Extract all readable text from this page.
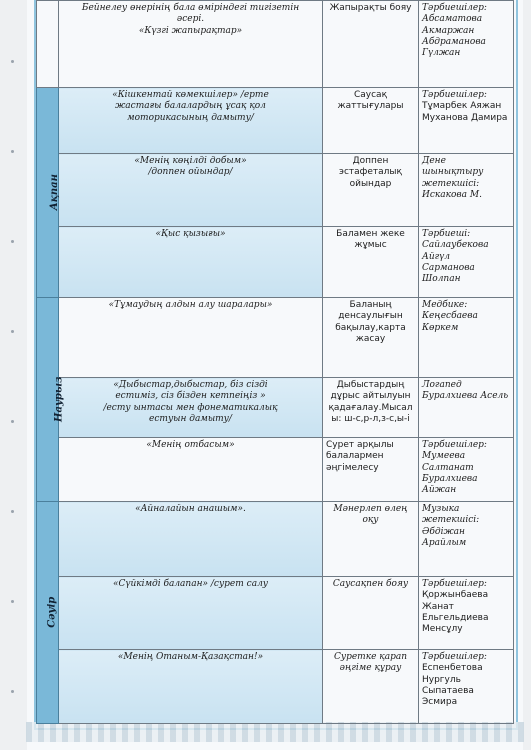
	Бейнелеу өнерінің бала өміріндегі тигізетін
әсері.
«Күзгі жапырақтар»	Жапырақты бояу	Тәрбиешілер:
Абсаматова
Акмаржан
Абдраманова
Гүлжан

Ақпан	«Кішкентай көмекшілер» /ерте
жастағы балалардың ұсақ қол
моторикасының дамыту/	Саусақ
жаттығулары	Тәрбиешілер:
Тұмарбек Аяжан
Муханова Дамира

	«Менің көңілді добым»
/доппен ойындар/	Доппен
эстафеталық
ойындар	Дене шынықтыру
жетекшісі:
Искакова М.

	«Қыс қызығы»	Баламен жеке
жұмыс	Тәрбиеші:
Сайлаубекова
Айгүл
Сарманова Шолпан

Наурыз	«Тұмаудың алдын алу шаралары»	Баланың
денсаулығын
бақылау,карта
жасау	Медбике:
Кеңесбаева Көркем

	«Дыбыстар,дыбыстар, біз сізді
естиміз, сіз бізден кетпеіңіз »
/есту ынтасы мен фонематикалық
естуын дамыту/	Дыбыстардың
дұрыс айтылуын
қадағалау.Мысал
ы: ш-с,р-л,з-с,ы-і	Логапед
Буралхиева Асель

	«Менің отбасым»	Сурет арқылы
балалармен
әңгімелесу	Тәрбиешілер:
Мумеева Салтанат
Буралхиева Айжан

Сәуір	«Айналайын анашым».	Мәнерлеп өлең оқу	Музыка
жетекшісі:
Әбдіжан Арайлым

	«Сүйкімді балапан» /сурет салу	Саусақпен бояу	Тәрбиешілер:
Қоржынбаева
Жанат
Ельгельдиева
Менсұлу

	«Менің Отаным-Қазақстан!»	Суретке қарап
әңгіме құрау	Тәрбиешілер:
Еспенбетова
Нургуль
Сыпатаева Эсмира
